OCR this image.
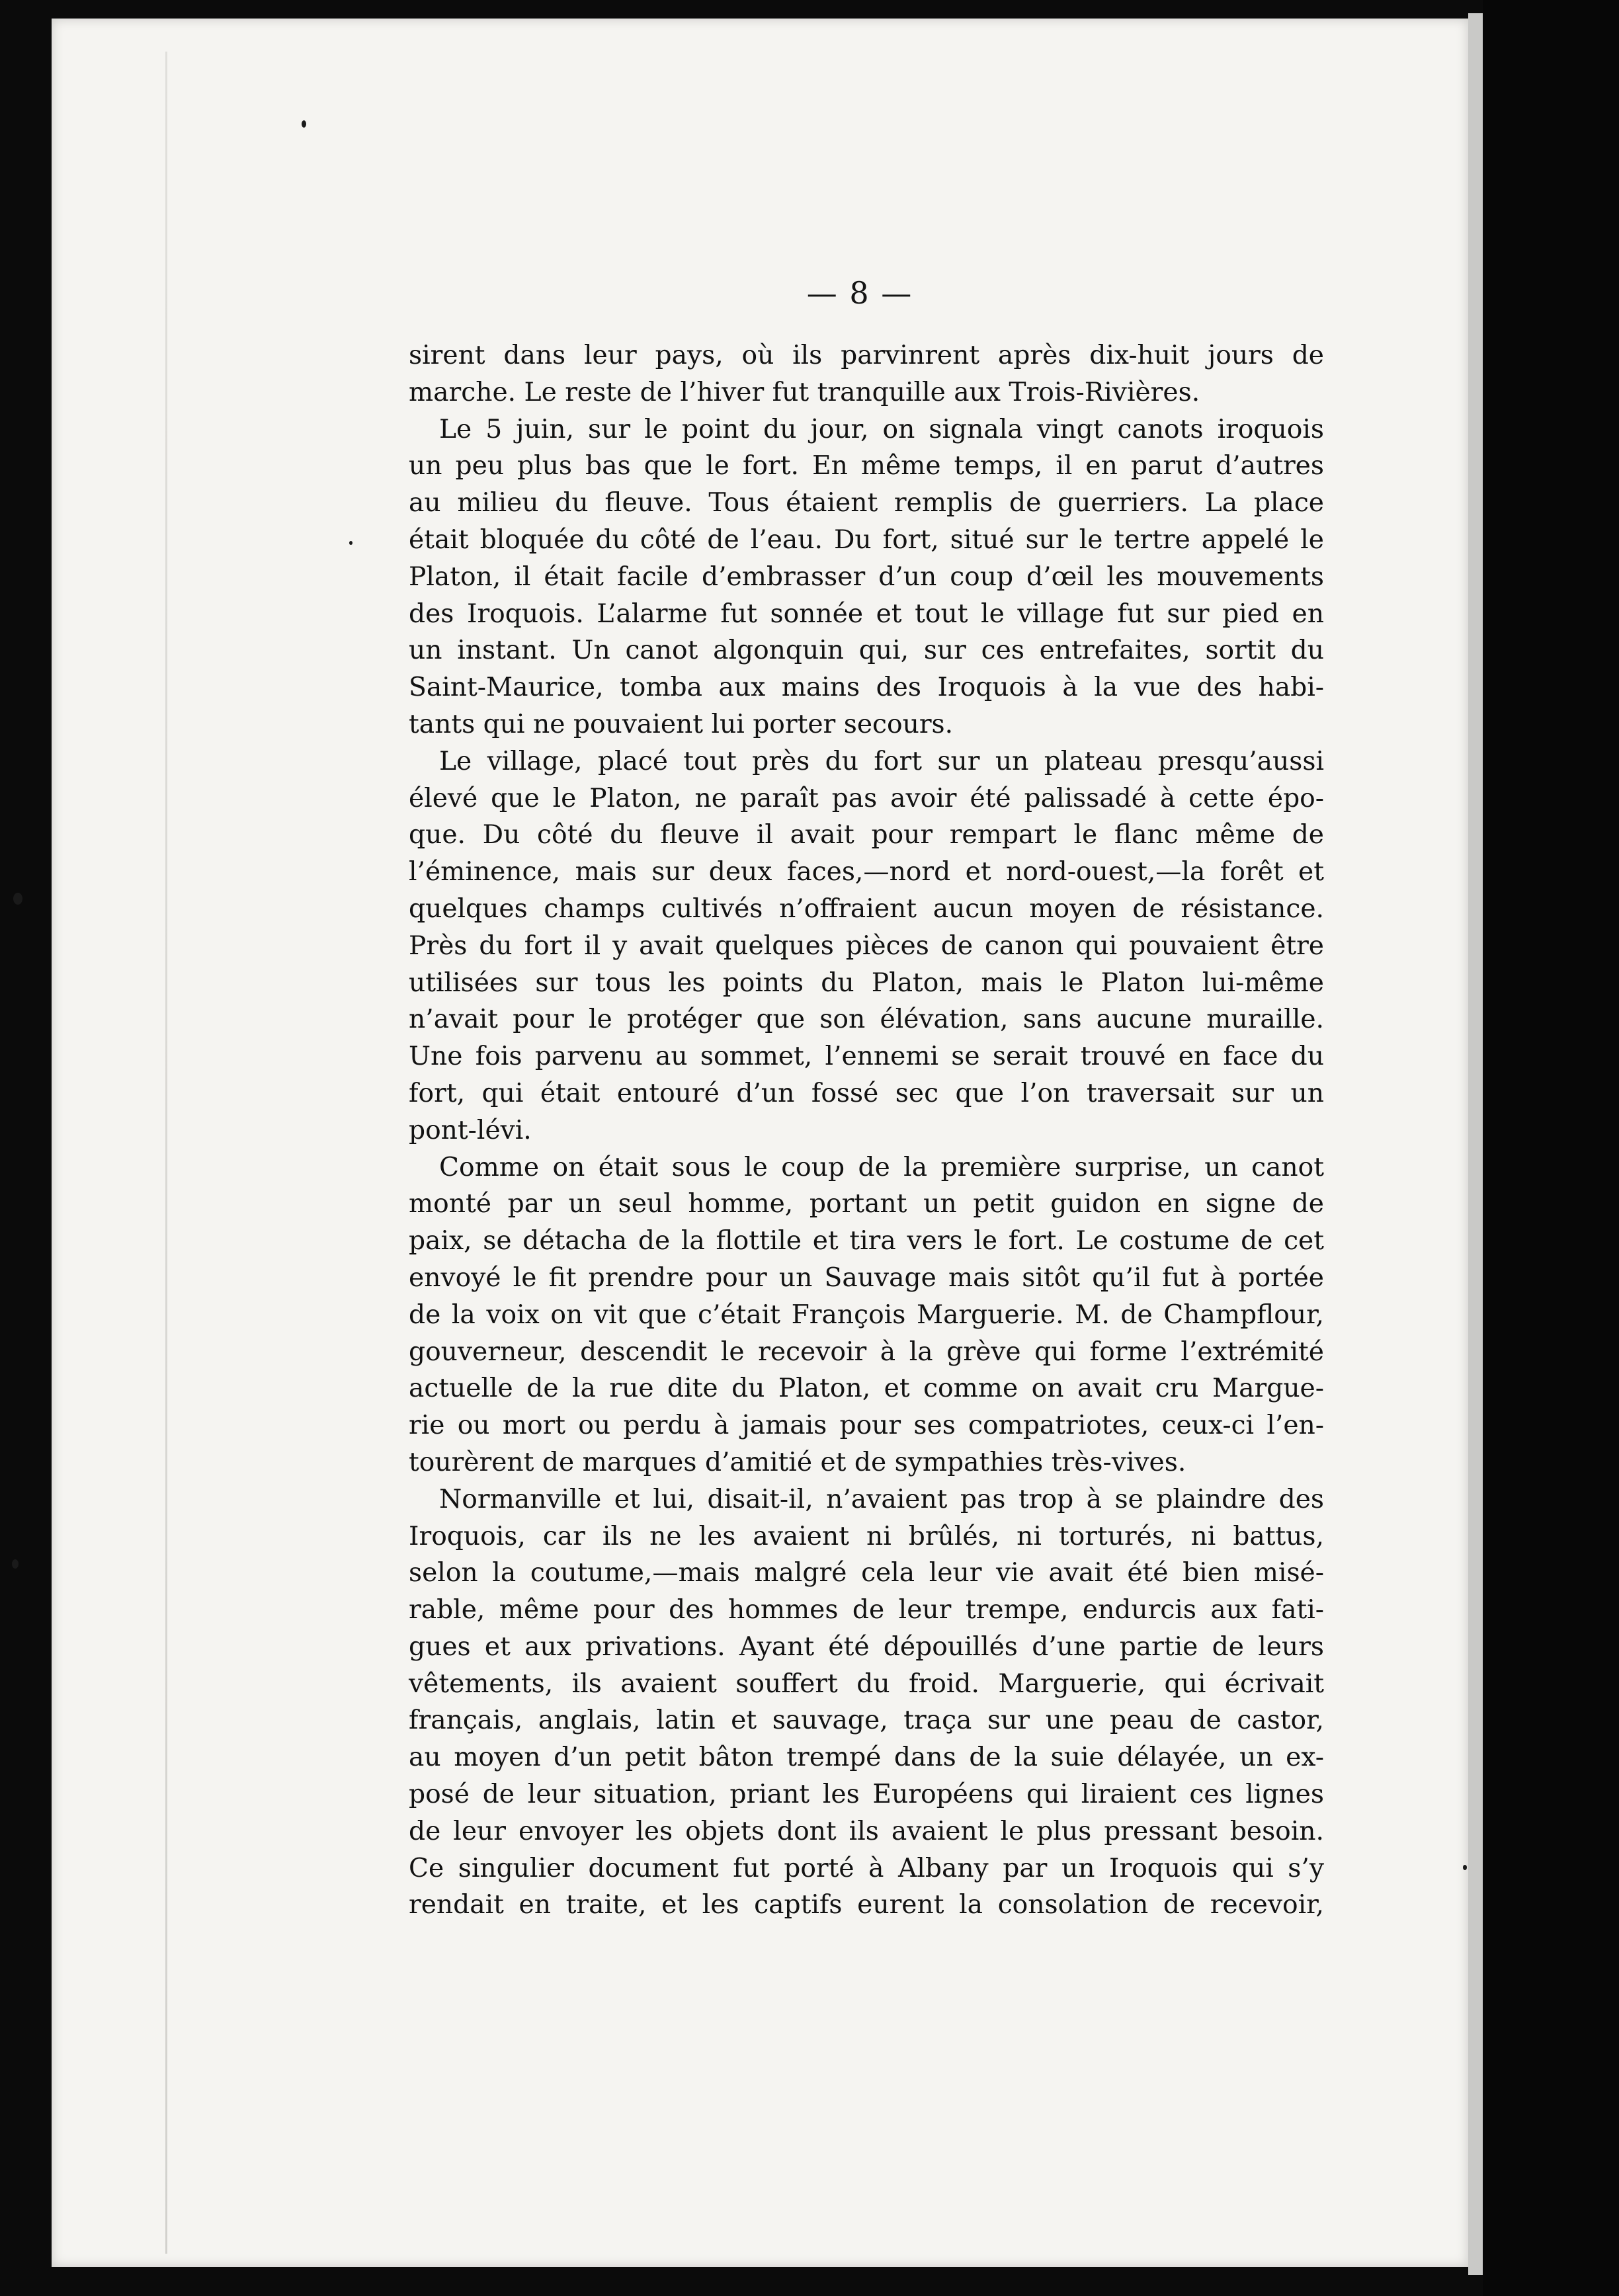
— 8 —
sirent dans leur pays, où ils parvinrent après dix-huit jours de
marche. Le reste de l’hiver fut tranquille aux Trois-Rivières.
Le 5 juin, sur le point du jour, on signala vingt canots iroquois
un peu plus bas que le fort. En même temps, il en parut d’autres
au milieu du fleuve. Tous étaient remplis de guerriers. La place
était bloquée du côté de l’eau. Du fort, situé sur le tertre appelé le
Platon, il était facile d’embrasser d’un coup d’œil les mouvements
des Iroquois. L’alarme fut sonnée et tout le village fut sur pied en
un instant. Un canot algonquin qui, sur ces entrefaites, sortit du
Saint-Maurice, tomba aux mains des Iroquois à la vue des habi-
tants qui ne pouvaient lui porter secours.
Le village, placé tout près du fort sur un plateau presqu’aussi
élevé que le Platon, ne paraît pas avoir été palissadé à cette épo-
que. Du côté du fleuve il avait pour rempart le flanc même de
l’éminence, mais sur deux faces,—nord et nord-ouest,—la forêt et
quelques champs cultivés n’offraient aucun moyen de résistance.
Près du fort il y avait quelques pièces de canon qui pouvaient être
utilisées sur tous les points du Platon, mais le Platon lui-même
n’avait pour le protéger que son élévation, sans aucune muraille.
Une fois parvenu au sommet, l’ennemi se serait trouvé en face du
fort, qui était entouré d’un fossé sec que l’on traversait sur un
pont-lévi.
Comme on était sous le coup de la première surprise, un canot
monté par un seul homme, portant un petit guidon en signe de
paix, se détacha de la flottile et tira vers le fort. Le costume de cet
envoyé le fit prendre pour un Sauvage mais sitôt qu’il fut à portée
de la voix on vit que c’était François Marguerie. M. de Champflour,
gouverneur, descendit le recevoir à la grève qui forme l’extrémité
actuelle de la rue dite du Platon, et comme on avait cru Margue-
rie ou mort ou perdu à jamais pour ses compatriotes, ceux-ci l’en-
tourèrent de marques d’amitié et de sympathies très-vives.
Normanville et lui, disait-il, n’avaient pas trop à se plaindre des
Iroquois, car ils ne les avaient ni brûlés, ni torturés, ni battus,
selon la coutume,—mais malgré cela leur vie avait été bien misé-
rable, même pour des hommes de leur trempe, endurcis aux fati-
gues et aux privations. Ayant été dépouillés d’une partie de leurs
vêtements, ils avaient souffert du froid. Marguerie, qui écrivait
français, anglais, latin et sauvage, traça sur une peau de castor,
au moyen d’un petit bâton trempé dans de la suie délayée, un ex-
posé de leur situation, priant les Européens qui liraient ces lignes
de leur envoyer les objets dont ils avaient le plus pressant besoin.
Ce singulier document fut porté à Albany par un Iroquois qui s’y
rendait en traite, et les captifs eurent la consolation de recevoir,
